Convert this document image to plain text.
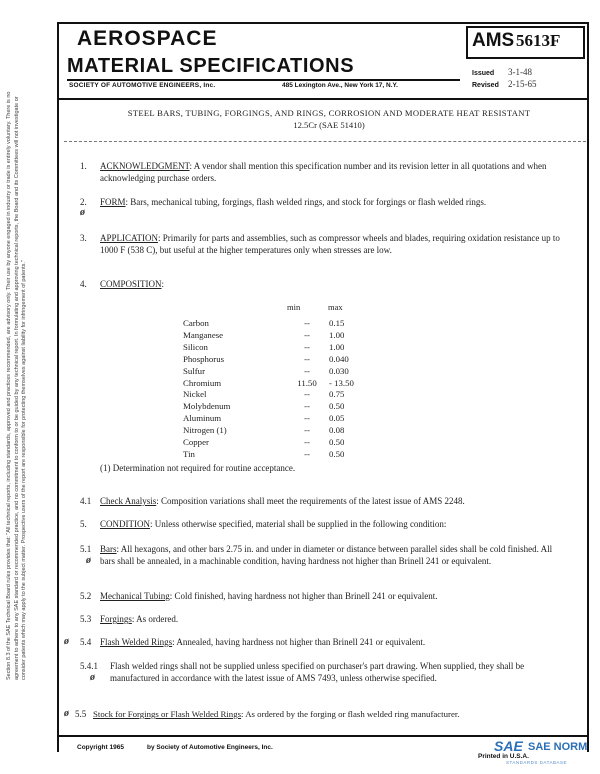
AEROSPACE
MATERIAL SPECIFICATIONS
SOCIETY OF AUTOMOTIVE ENGINEERS, Inc.	485 Lexington Ave., New York 17, N.Y.
AMS 5613F
Issued 3-1-48
Revised 2-15-65
STEEL BARS, TUBING, FORGINGS, AND RINGS, CORROSION AND MODERATE HEAT RESISTANT
12.5Cr (SAE 51410)
Section 8.3 of the SAE Technical Board rules provides that: "All technical reports, including standards, approved and practices recommended, are advisory only. Their use by anyone engaged in industry or trade is entirely voluntary. There is no agreement to adhere to any SAE standard or recommended practice, and no commitment to conform to or be guided by any technical report. In formulating and approving technical reports, the Board and its Committees will not investigate or consider patents which may apply to the subject matter. Prospective users of the report are responsible for protecting themselves against liability for infringement of patents."
1. ACKNOWLEDGMENT: A vendor shall mention this specification number and its revision letter in all quotations and when acknowledging purchase orders.
2.
ø
FORM: Bars, mechanical tubing, forgings, flash welded rings, and stock for forgings or flash welded rings.
3. APPLICATION: Primarily for parts and assemblies, such as compressor wheels and blades, requiring oxidation resistance up to 1000 F (538 C), but useful at the higher temperatures only when stresses are low.
4. COMPOSITION:
min	max
Carbon	--	0.15
Manganese	--	1.00
Silicon	--	1.00
Phosphorus	--	0.040
Sulfur	--	0.030
Chromium	11.50	- 13.50
Nickel	--	0.75
Molybdenum	--	0.50
Aluminum	--	0.05
Nitrogen (1)	--	0.08
Copper	--	0.50
Tin	--	0.50
(1) Determination not required for routine acceptance.
4.1 Check Analysis: Composition variations shall meet the requirements of the latest issue of AMS 2248.
5. CONDITION: Unless otherwise specified, material shall be supplied in the following condition:
5.1
ø
Bars: All hexagons, and other bars 2.75 in. and under in diameter or distance between parallel sides shall be cold finished. All bars shall be annealed, in a machinable condition, having hardness not higher than Brinell 241 or equivalent.
5.2 Mechanical Tubing: Cold finished, having hardness not higher than Brinell 241 or equivalent.
5.3 Forgings: As ordered.
ø 5.4 Flash Welded Rings: Annealed, having hardness not higher than Brinell 241 or equivalent.
5.4.1
ø
Flash welded rings shall not be supplied unless specified on purchaser's part drawing. When supplied, they shall be manufactured in accordance with the latest issue of AMS 7493, unless otherwise specified.
ø 5.5 Stock for Forgings or Flash Welded Rings: As ordered by the forging or flash welded ring manufacturer.
Copyright 1965	by Society of Automotive Engineers, Inc.
Printed in U.S.A.
SAE SAE NORM
STANDARDS DATABASE
